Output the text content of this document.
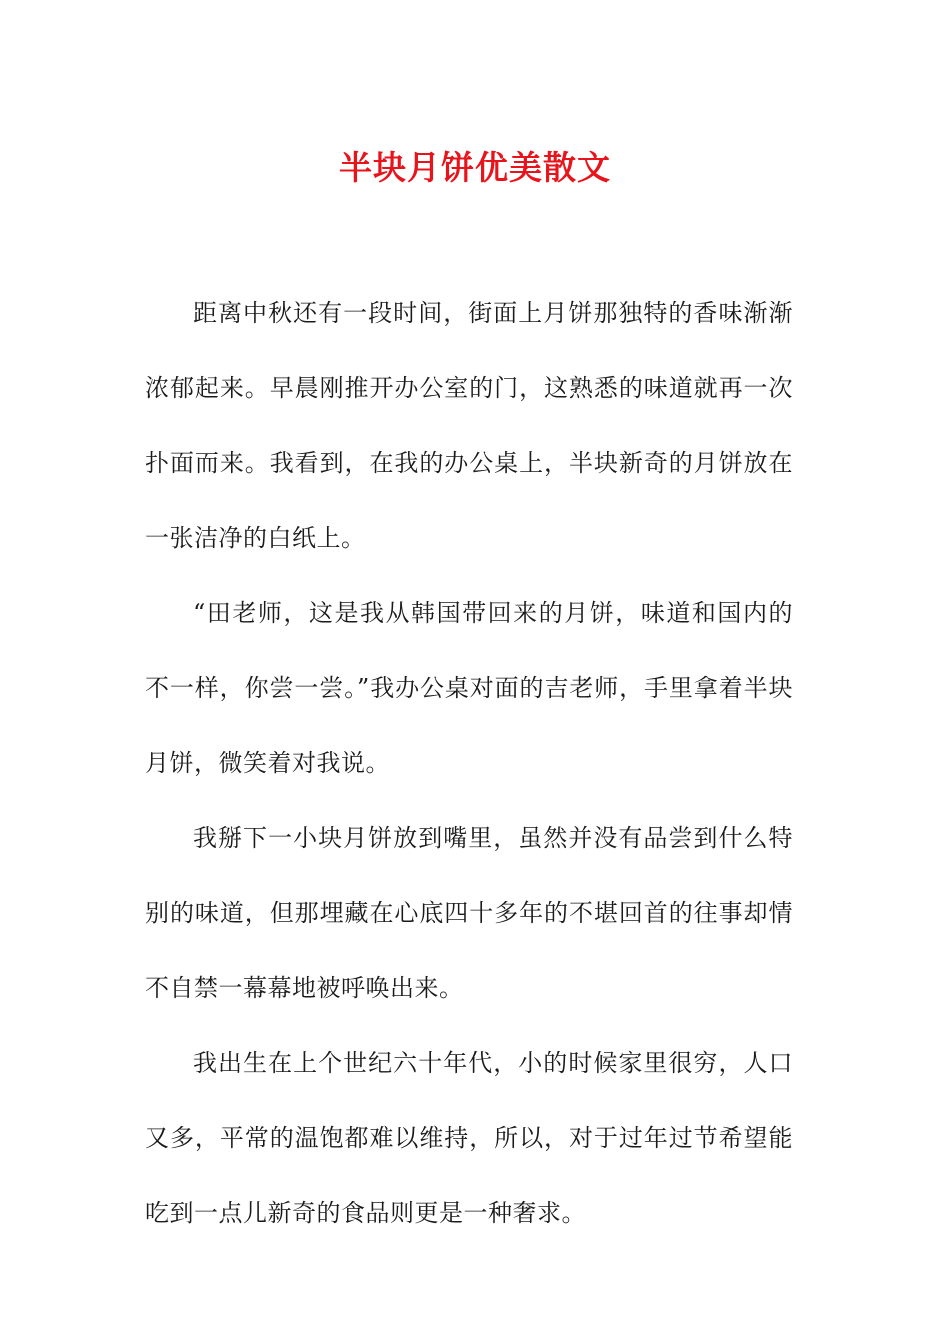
半块月饼优美散文

距离中秋还有一段时间，街面上月饼那独特的香味渐渐浓郁起来。早晨刚推开办公室的门，这熟悉的味道就再一次扑面而来。我看到，在我的办公桌上，半块新奇的月饼放在一张洁净的白纸上。

“田老师，这是我从韩国带回来的月饼，味道和国内的不一样，你尝一尝。”我办公桌对面的吉老师，手里拿着半块月饼，微笑着对我说。

我掰下一小块月饼放到嘴里，虽然并没有品尝到什么特别的味道，但那埋藏在心底四十多年的不堪回首的往事却情不自禁一幕幕地被呼唤出来。

我出生在上个世纪六十年代，小的时候家里很穷，人口又多，平常的温饱都难以维持，所以，对于过年过节希望能吃到一点儿新奇的食品则更是一种奢求。
